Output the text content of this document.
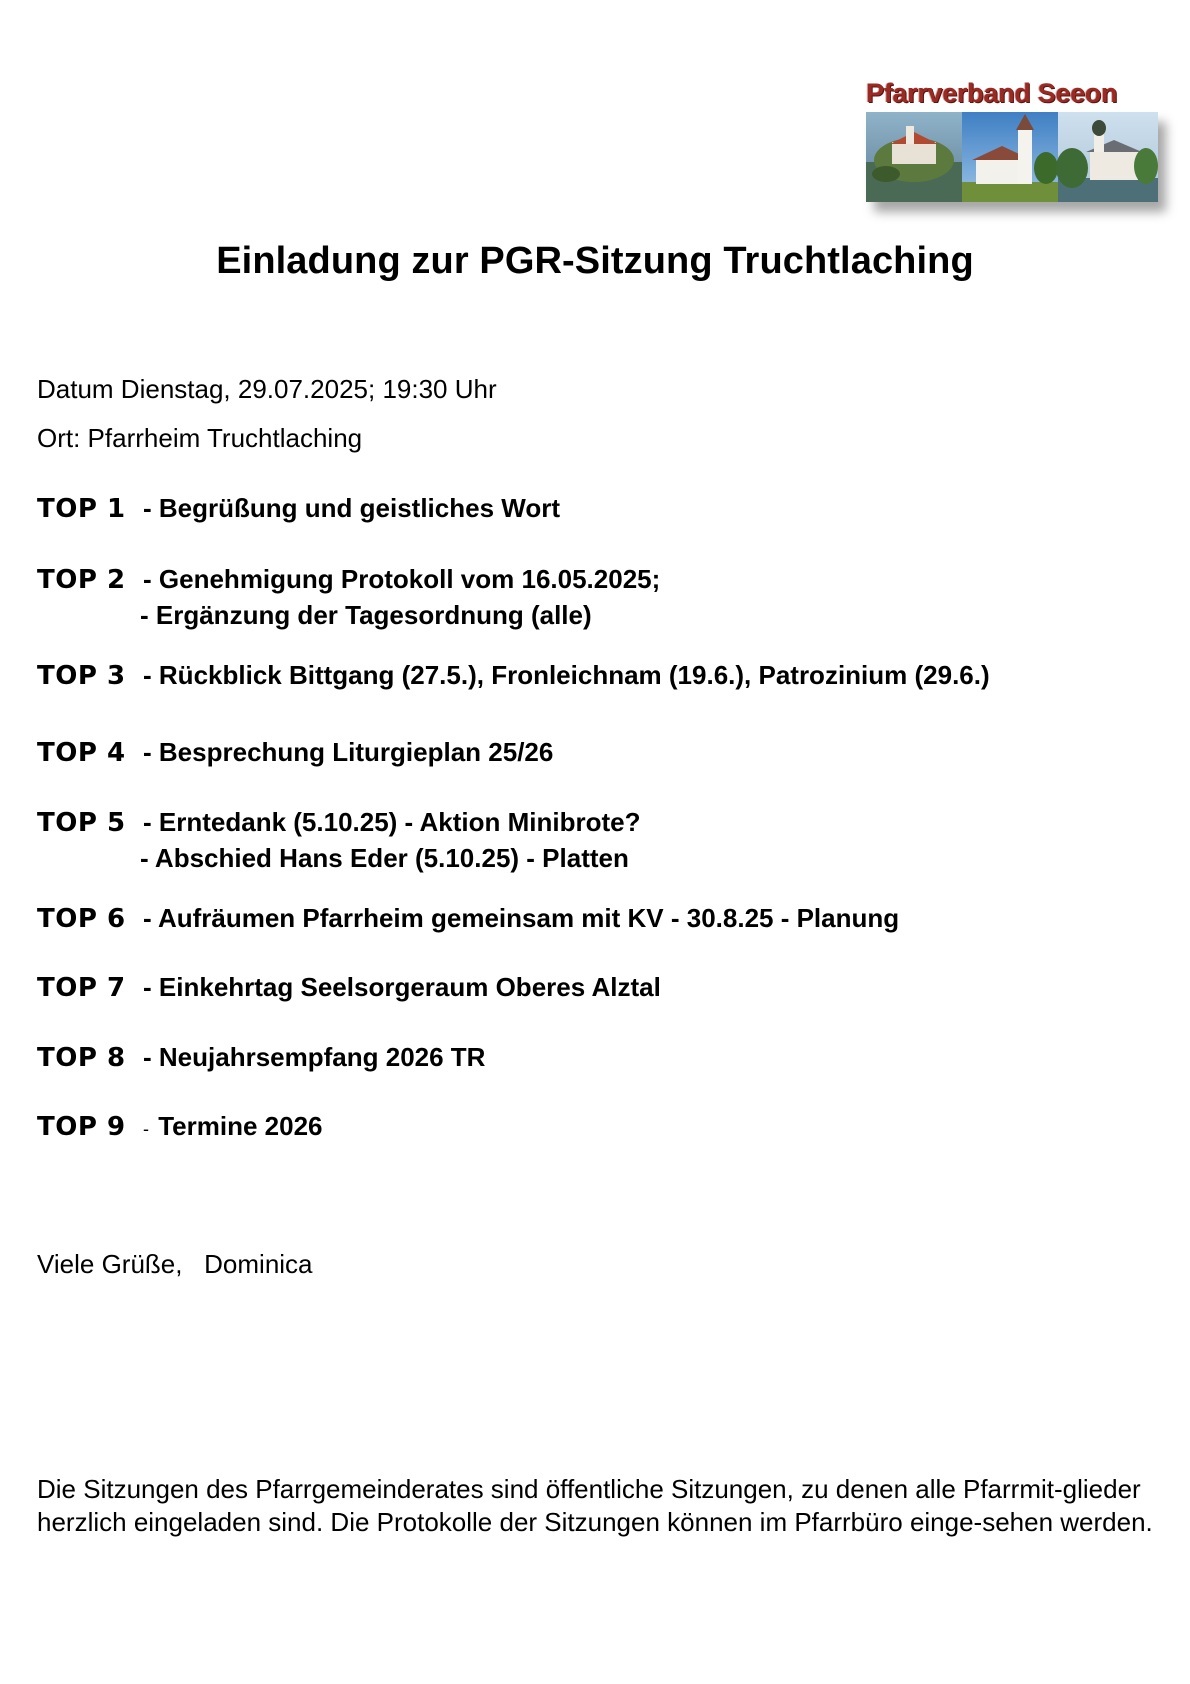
Pfarrverband Seeon
Einladung zur PGR-Sitzung Truchtlaching
Datum Dienstag, 29.07.2025; 19:30 Uhr
Ort: Pfarrheim Truchtlaching
TOP 1 - Begrüßung und geistliches Wort
TOP 2 - Genehmigung Protokoll vom 16.05.2025;
- Ergänzung der Tagesordnung (alle)
TOP 3 - Rückblick Bittgang (27.5.), Fronleichnam (19.6.), Patrozinium (29.6.)
TOP 4 - Besprechung Liturgieplan 25/26
TOP 5 - Erntedank (5.10.25) - Aktion Minibrote?
- Abschied Hans Eder (5.10.25) - Platten
TOP 6 - Aufräumen Pfarrheim gemeinsam mit KV - 30.8.25 - Planung
TOP 7 - Einkehrtag Seelsorgeraum Oberes Alztal
TOP 8 - Neujahrsempfang 2026 TR
TOP 9 - Termine 2026
Viele Grüße,   Dominica
Die Sitzungen des Pfarrgemeinderates sind öffentliche Sitzungen, zu denen alle Pfarrmit-glieder herzlich eingeladen sind. Die Protokolle der Sitzungen können im Pfarrbüro einge-sehen werden.
